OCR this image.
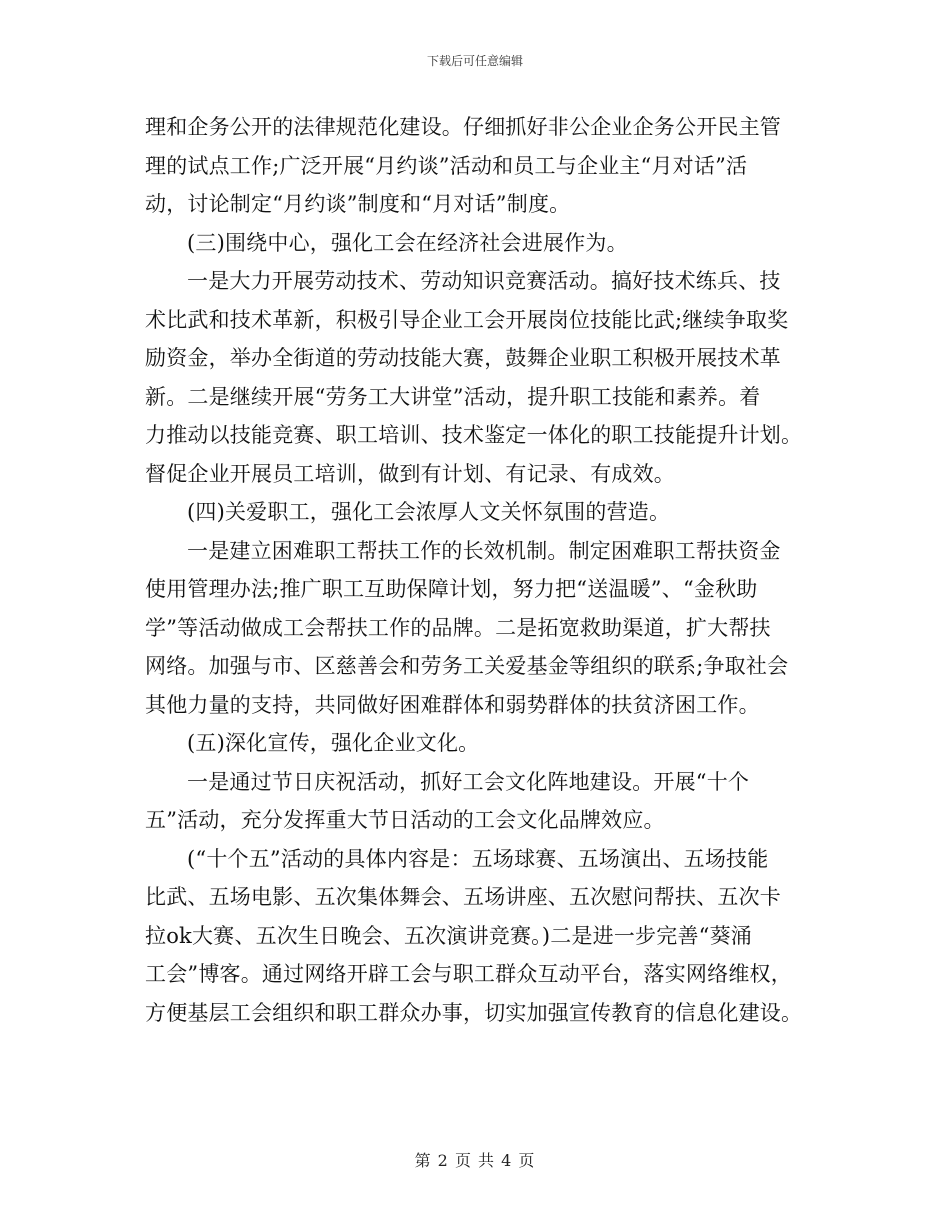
下载后可任意编辑
理和企务公开的法律规范化建设。仔细抓好非公企业企务公开民主管
理的试点工作;广泛开展“月约谈”活动和员工与企业主“月对话”活
动，讨论制定“月约谈”制度和“月对话”制度。
(三)围绕中心，强化工会在经济社会进展作为。
一是大力开展劳动技术、劳动知识竞赛活动。搞好技术练兵、技
术比武和技术革新，积极引导企业工会开展岗位技能比武;继续争取奖
励资金，举办全街道的劳动技能大赛，鼓舞企业职工积极开展技术革
新。二是继续开展“劳务工大讲堂”活动，提升职工技能和素养。着
力推动以技能竞赛、职工培训、技术鉴定一体化的职工技能提升计划。
督促企业开展员工培训，做到有计划、有记录、有成效。
(四)关爱职工，强化工会浓厚人文关怀氛围的营造。
一是建立困难职工帮扶工作的长效机制。制定困难职工帮扶资金
使用管理办法;推广职工互助保障计划，努力把“送温暖”、“金秋助
学”等活动做成工会帮扶工作的品牌。二是拓宽救助渠道，扩大帮扶
网络。加强与市、区慈善会和劳务工关爱基金等组织的联系;争取社会
其他力量的支持，共同做好困难群体和弱势群体的扶贫济困工作。
(五)深化宣传，强化企业文化。
一是通过节日庆祝活动，抓好工会文化阵地建设。开展“十个
五”活动，充分发挥重大节日活动的工会文化品牌效应。
(“十个五”活动的具体内容是：五场球赛、五场演出、五场技能
比武、五场电影、五次集体舞会、五场讲座、五次慰问帮扶、五次卡
拉ok大赛、五次生日晚会、五次演讲竞赛。)二是进一步完善“葵涌
工会”博客。通过网络开辟工会与职工群众互动平台，落实网络维权，
方便基层工会组织和职工群众办事，切实加强宣传教育的信息化建设。
第 2 页 共 4 页
